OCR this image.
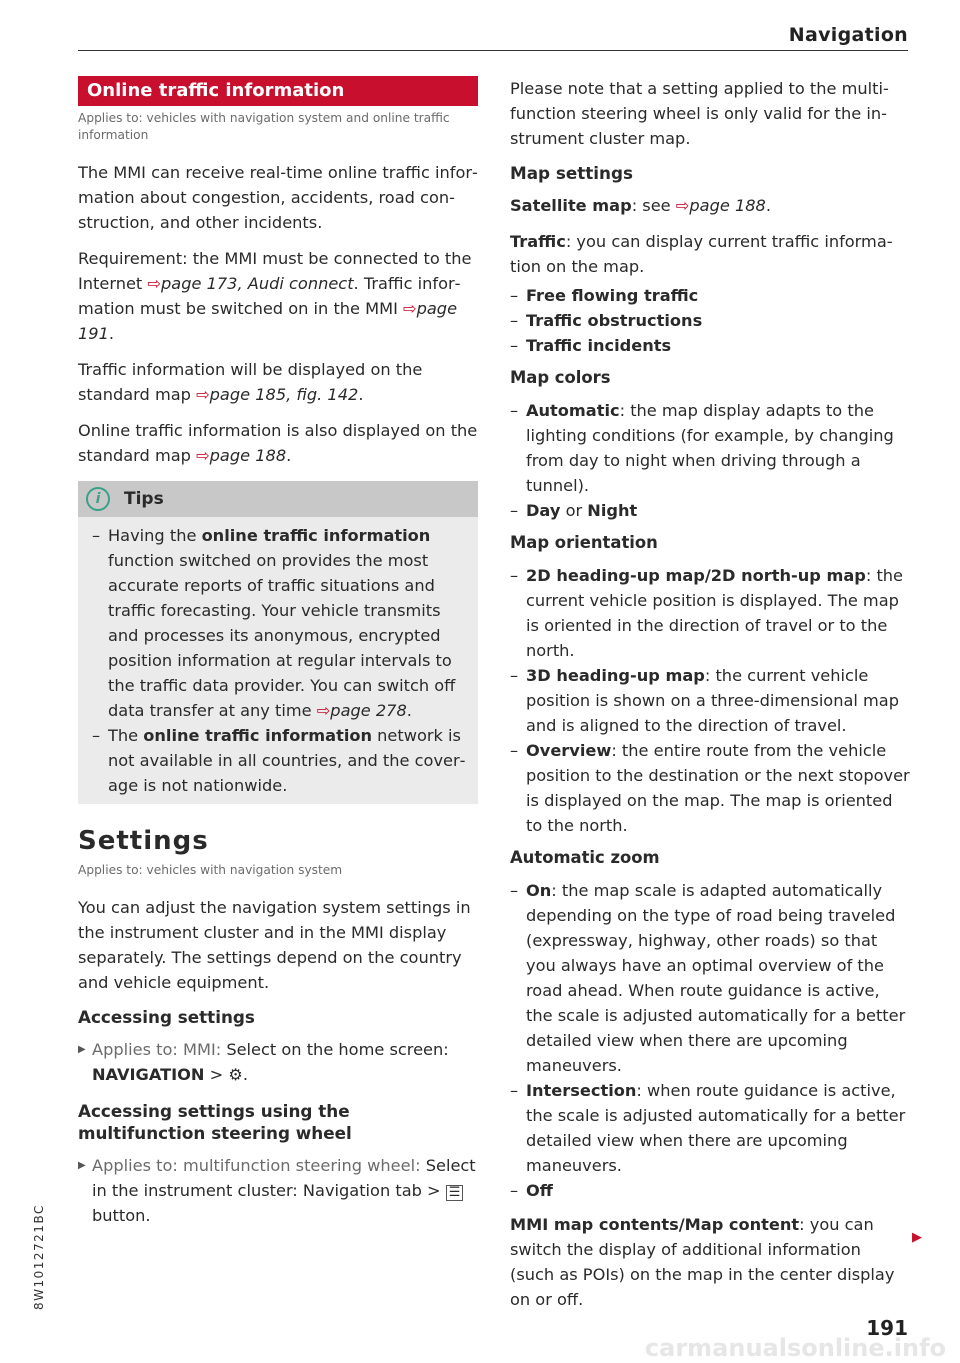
Navigation
Online traffic information
Applies to: vehicles with navigation system and online traffic information

The MMI can receive real-time online traffic information about congestion, accidents, road construction, and other incidents.

Requirement: the MMI must be connected to the Internet ⇨page 173, Audi connect. Traffic information must be switched on in the MMI ⇨page 191.

Traffic information will be displayed on the standard map ⇨page 185, fig. 142.

Online traffic information is also displayed on the standard map ⇨page 188.

i	Tips
– Having the online traffic information function switched on provides the most accurate reports of traffic situations and traffic forecasting. Your vehicle transmits and processes its anonymous, encrypted position information at regular intervals to the traffic data provider. You can switch off data transfer at any time ⇨page 278.
– The online traffic information network is not available in all countries, and the coverage is not nationwide.
Settings
Applies to: vehicles with navigation system

You can adjust the navigation system settings in the instrument cluster and in the MMI display separately. The settings depend on the country and vehicle equipment.

Accessing settings
▶ Applies to: MMI: Select on the home screen: NAVIGATION > ⚙.
Accessing settings using the multifunction steering wheel
▶ Applies to: multifunction steering wheel: Select in the instrument cluster: Navigation tab > ☰ button.

Please note that a setting applied to the multifunction steering wheel is only valid for the instrument cluster map.

Map settings

Satellite map: see ⇨page 188.

Traffic: you can display current traffic information on the map.

– Free flowing traffic
– Traffic obstructions
– Traffic incidents
Map colors
– Automatic: the map display adapts to the lighting conditions (for example, by changing from day to night when driving through a tunnel).
– Day or Night
Map orientation
– 2D heading-up map/2D north-up map: the current vehicle position is displayed. The map is oriented in the direction of travel or to the north.
– 3D heading-up map: the current vehicle position is shown on a three-dimensional map and is aligned to the direction of travel.
– Overview: the entire route from the vehicle position to the destination or the next stopover is displayed on the map. The map is oriented to the north.
Automatic zoom
– On: the map scale is adapted automatically depending on the type of road being traveled (expressway, highway, other roads) so that you always have an optimal overview of the road ahead. When route guidance is active, the scale is adjusted automatically for a better detailed view when there are upcoming maneuvers.
– Intersection: when route guidance is active, the scale is adjusted automatically for a better detailed view when there are upcoming maneuvers.
– Off

MMI map contents/Map content: you can switch the display of additional information (such as POIs) on the map in the center display on or off.

▶
8W1012721BC
191
carmanualsonline.info
